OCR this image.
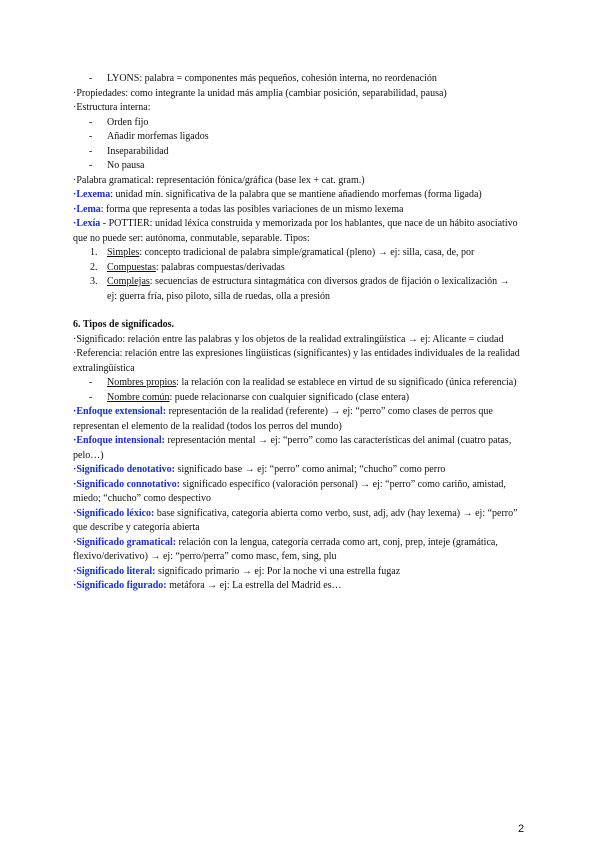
- LYONS: palabra = componentes más pequeños, cohesión interna, no reordenación
·Propiedades: como integrante la unidad más amplia (cambiar posición, separabilidad, pausa)
·Estructura interna:
- Orden fijo
- Añadir morfemas ligados
- Inseparabilidad
- No pausa
·Palabra gramatical: representación fónica/gráfica (base lex + cat. gram.)
·Lexema: unidad mín. significativa de la palabra que se mantiene añadiendo morfemas (forma ligada)
·Lema: forma que representa a todas las posibles variaciones de un mismo lexema
·Lexía - POTTIER: unidad léxica construida y memorizada por los hablantes, que nace de un hábito asociativo que no puede ser: autónoma, conmutable, separable. Tipos:
1. Simples: concepto tradicional de palabra simple/gramatical (pleno) → ej: silla, casa, de, por
2. Compuestas: palabras compuestas/derivadas
3. Complejas: secuencias de estructura sintagmática con diversos grados de fijación o lexicalización → ej: guerra fría, piso piloto, silla de ruedas, olla a presión
6. Tipos de significados.
·Significado: relación entre las palabras y los objetos de la realidad extralingüística → ej: Alicante = ciudad
·Referencia: relación entre las expresiones lingüísticas (significantes) y las entidades individuales de la realidad extralingüística
- Nombres propios: la relación con la realidad se establece en virtud de su significado (única referencia)
- Nombre común: puede relacionarse con cualquier significado (clase entera)
·Enfoque extensional: representación de la realidad (referente) → ej: “perro” como clases de perros que representan el elemento de la realidad (todos los perros del mundo)
·Enfoque intensional: representación mental → ej: “perro” como las características del animal (cuatro patas, pelo…)
·Significado denotativo: significado base → ej: “perro” como animal; “chucho” como perro
·Significado connotativo: significado específico (valoración personal) → ej: “perro” como cariño, amistad, miedo; “chucho” como despectivo
·Significado léxico: base significativa, categoría abierta como verbo, sust, adj, adv (hay lexema) → ej: “perro” que describe y categoría abierta
·Significado gramatical: relación con la lengua, categoría cerrada como art, conj, prep, inteje (gramática, flexivo/derivativo) → ej: “perro/perra” como masc, fem, sing, plu
·Significado literal: significado primario → ej: Por la noche vi una estrella fugaz
·Significado figurado: metáfora → ej: La estrella del Madrid es…
2
